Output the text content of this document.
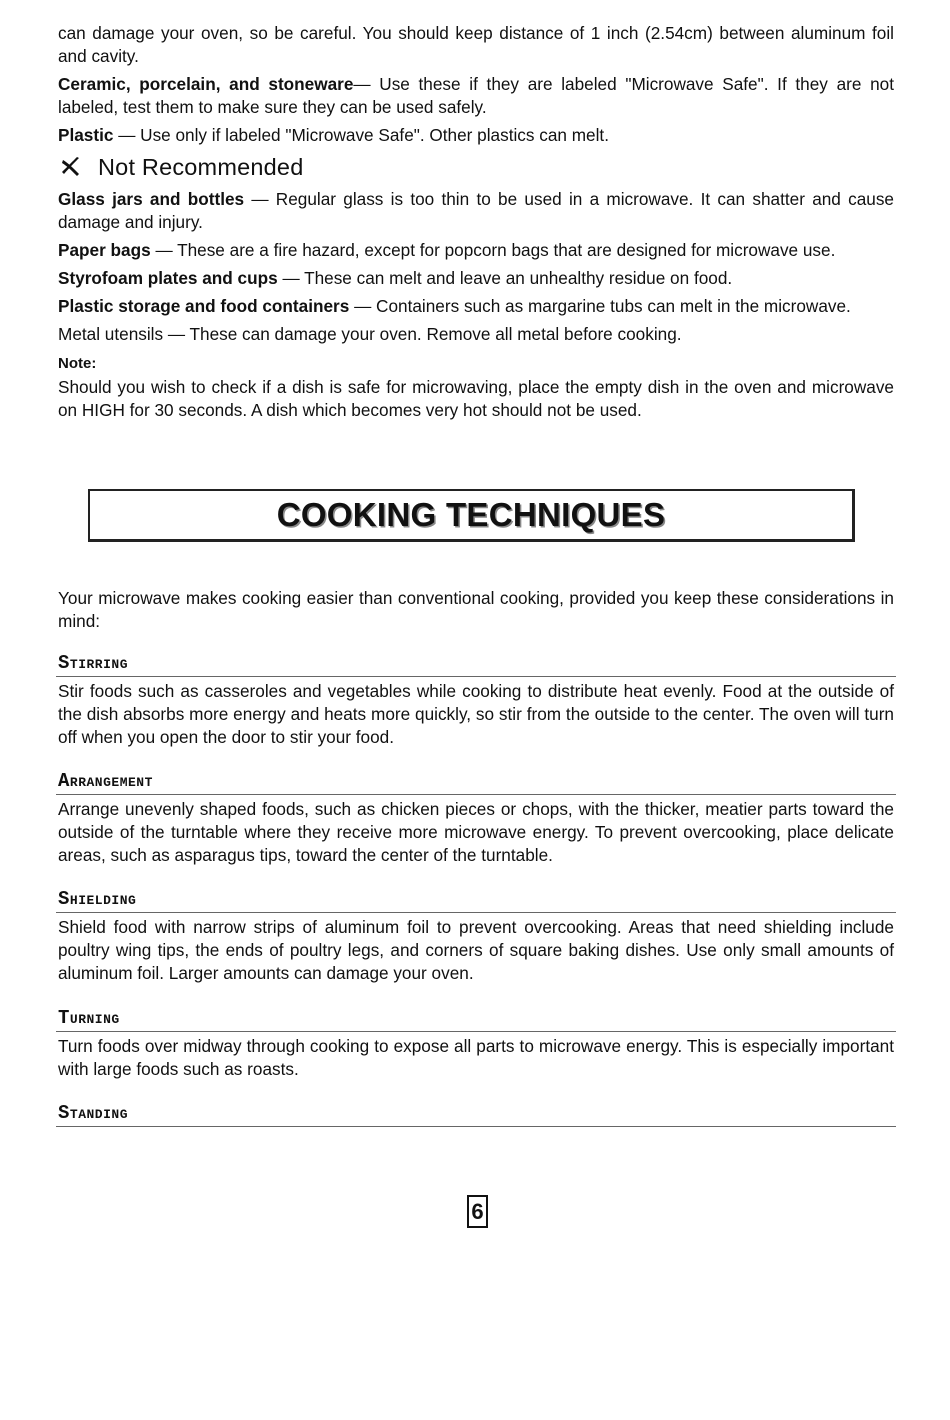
can damage your oven, so be careful. You should keep distance of 1 inch (2.54cm) between aluminum foil and cavity.

Ceramic, porcelain, and stoneware— Use these if they are labeled "Microwave Safe". If they are not labeled, test them to make sure they can be used safely.

Plastic — Use only if labeled "Microwave Safe". Other plastics can melt.

Not Recommended

Glass jars and bottles — Regular glass is too thin to be used in a microwave. It can shatter and cause damage and injury.

Paper bags — These are a fire hazard, except for popcorn bags that are designed for microwave use.

Styrofoam plates and cups — These can melt and leave an unhealthy residue on food.

Plastic storage and food containers — Containers such as margarine tubs can melt in the microwave.

Metal utensils — These can damage your oven. Remove all metal before cooking.

Note:

Should you wish to check if a dish is safe for microwaving, place the empty dish in the oven and microwave on HIGH for 30 seconds. A dish which becomes very hot should not be used.

COOKING TECHNIQUES

Your microwave makes cooking easier than conventional cooking, provided you keep these considerations in mind:

Stirring

Stir foods such as casseroles and vegetables while cooking to distribute heat evenly. Food at the outside of the dish absorbs more energy and heats more quickly, so stir from the outside to the center. The oven will turn off when you open the door to stir your food.

Arrangement

Arrange unevenly shaped foods, such as chicken pieces or chops, with the thicker, meatier parts toward the outside of the turntable where they receive more microwave energy. To prevent overcooking, place delicate areas, such as asparagus tips, toward the center of the turntable.

Shielding

Shield food with narrow strips of aluminum foil to prevent overcooking. Areas that need shielding include poultry wing tips, the ends of poultry legs, and corners of square baking dishes. Use only small amounts of aluminum foil. Larger amounts can damage your oven.

Turning

Turn foods over midway through cooking to expose all parts to microwave energy. This is especially important with large foods such as roasts.

Standing
6
